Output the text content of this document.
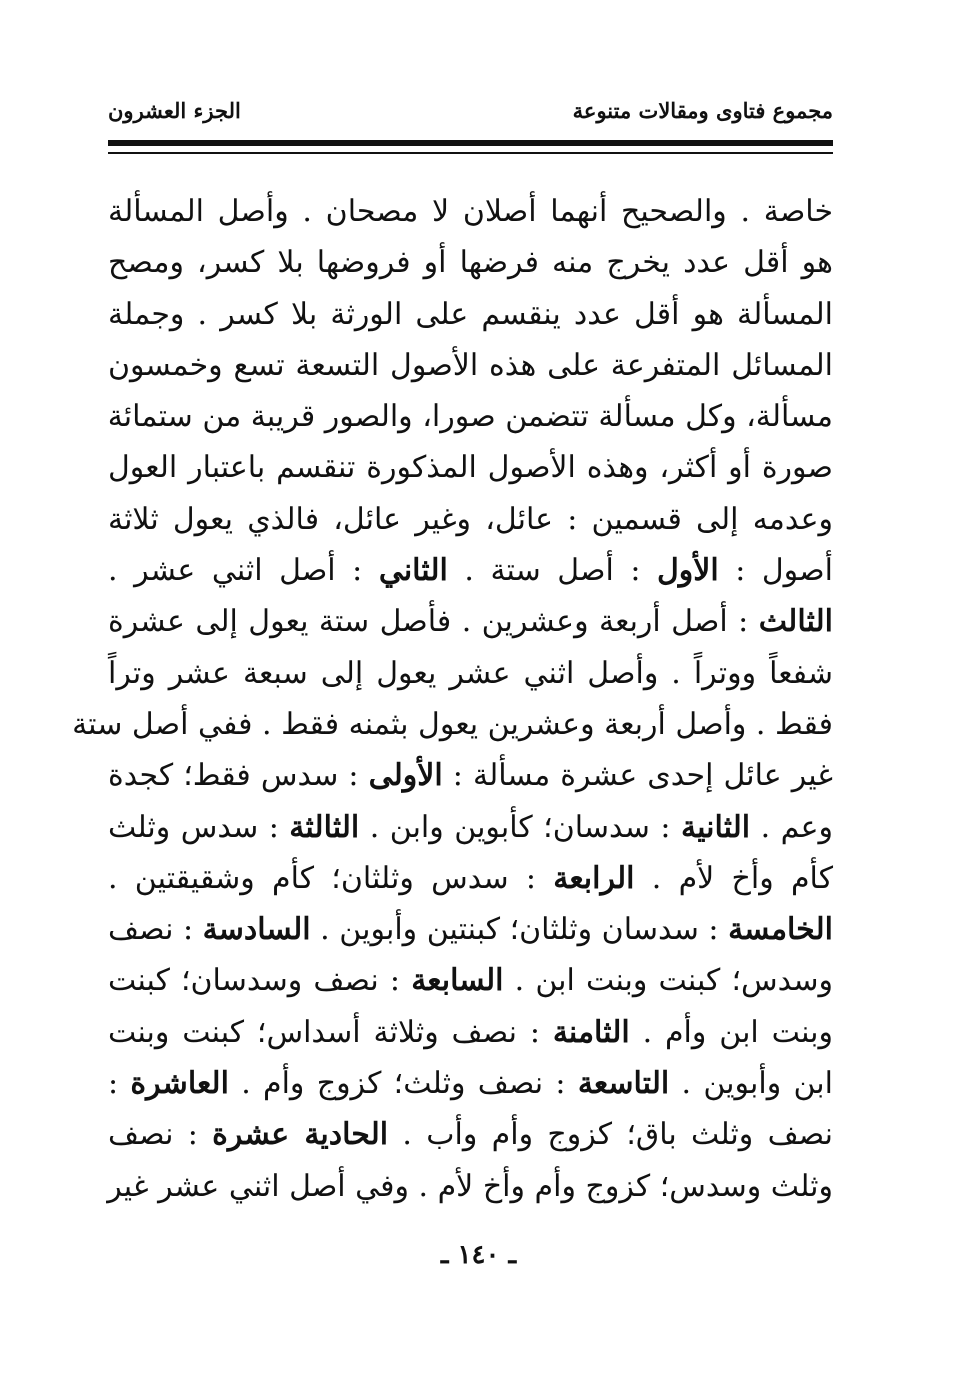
مجموع فتاوى ومقالات متنوعة
الجزء العشرون
خاصة . والصحيح أنهما أصلان لا مصحان . وأصل المسألة
هو أقل عدد يخرج منه فرضها أو فروضها بلا كسر، ومصح
المسألة هو أقل عدد ينقسم على الورثة بلا كسر . وجملة
المسائل المتفرعة على هذه الأصول التسعة تسع وخمسون
مسألة، وكل مسألة تتضمن صورا، والصور قريبة من ستمائة
صورة أو أكثر، وهذه الأصول المذكورة تنقسم باعتبار العول
وعدمه إلى قسمين : عائل، وغير عائل، فالذي يعول ثلاثة
أصول : الأول : أصل ستة . الثاني : أصل اثني عشر .
الثالث : أصل أربعة وعشرين . فأصل ستة يعول إلى عشرة
شفعاً ووتراً . وأصل اثني عشر يعول إلى سبعة عشر وتراً
فقط . وأصل أربعة وعشرين يعول بثمنه فقط . ففي أصل ستة
غير عائل إحدى عشرة مسألة : الأولى : سدس فقط؛ كجدة
وعم . الثانية : سدسان؛ كأبوين وابن . الثالثة : سدس وثلث
كأم وأخ لأم . الرابعة : سدس وثلثان؛ كأم وشقيقتين .
الخامسة : سدسان وثلثان؛ كبنتين وأبوين . السادسة : نصف
وسدس؛ كبنت وبنت ابن . السابعة : نصف وسدسان؛ كبنت
وبنت ابن وأم . الثامنة : نصف وثلاثة أسداس؛ كبنت وبنت
ابن وأبوين . التاسعة : نصف وثلث؛ كزوج وأم . العاشرة :
نصف وثلث باق؛ كزوج وأم وأب . الحادية عشرة : نصف
وثلث وسدس؛ كزوج وأم وأخ لأم . وفي أصل اثني عشر غير
ـ ١٤٠ ـ
